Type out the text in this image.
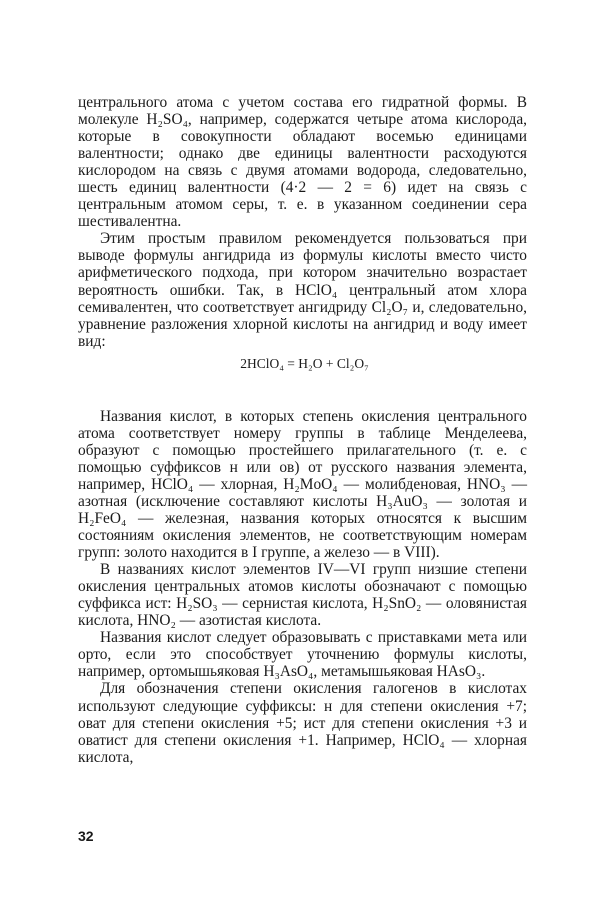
центрального атома с учетом состава его гидратной формы. В молекуле H₂SO₄, например, содержатся четыре атома кислорода, которые в совокупности обладают восемью единицами валентности; однако две единицы валентности расходуются кислородом на связь с двумя атомами водорода, следовательно, шесть единиц валентности (4·2 — 2 = 6) идет на связь с центральным атомом серы, т. е. в указанном соединении сера шестивалентна.

Этим простым правилом рекомендуется пользоваться при выводе формулы ангидрида из формулы кислоты вместо чисто арифметического подхода, при котором значительно возрастает вероятность ошибки. Так, в HClO₄ центральный атом хлора семивалентен, что соответствует ангидриду Cl₂O₇ и, следовательно, уравнение разложения хлорной кислоты на ангидрид и воду имеет вид:

2HClO₄ = H₂O + Cl₂O₇

Названия кислот, в которых степень окисления центрального атома соответствует номеру группы в таблице Менделеева, образуют с помощью простейшего прилагательного (т. е. с помощью суффиксов н или ов) от русского названия элемента, например, HClO₄ — хлорная, H₂MoO₄ — молибденовая, HNO₃ — азотная (исключение составляют кислоты H₃AuO₃ — золотая и H₂FeO₄ — железная, названия которых относятся к высшим состояниям окисления элементов, не соответствующим номерам групп: золото находится в I группе, а железо — в VIII).

В названиях кислот элементов IV—VI групп низшие степени окисления центральных атомов кислоты обозначают с помощью суффикса ист: H₂SO₃ — сернистая кислота, H₂SnO₂ — оловянистая кислота, HNO₂ — азотистая кислота.

Названия кислот следует образовывать с приставками мета или орто, если это способствует уточнению формулы кислоты, например, ортомышьяковая H₃AsO₄, метамышьяковая HAsO₃.

Для обозначения степени окисления галогенов в кислотах используют следующие суффиксы: н для степени окисления +7; оват для степени окисления +5; ист для степени окисления +3 и оватист для степени окисления +1. Например, HClO₄ — хлорная кислота,

32
